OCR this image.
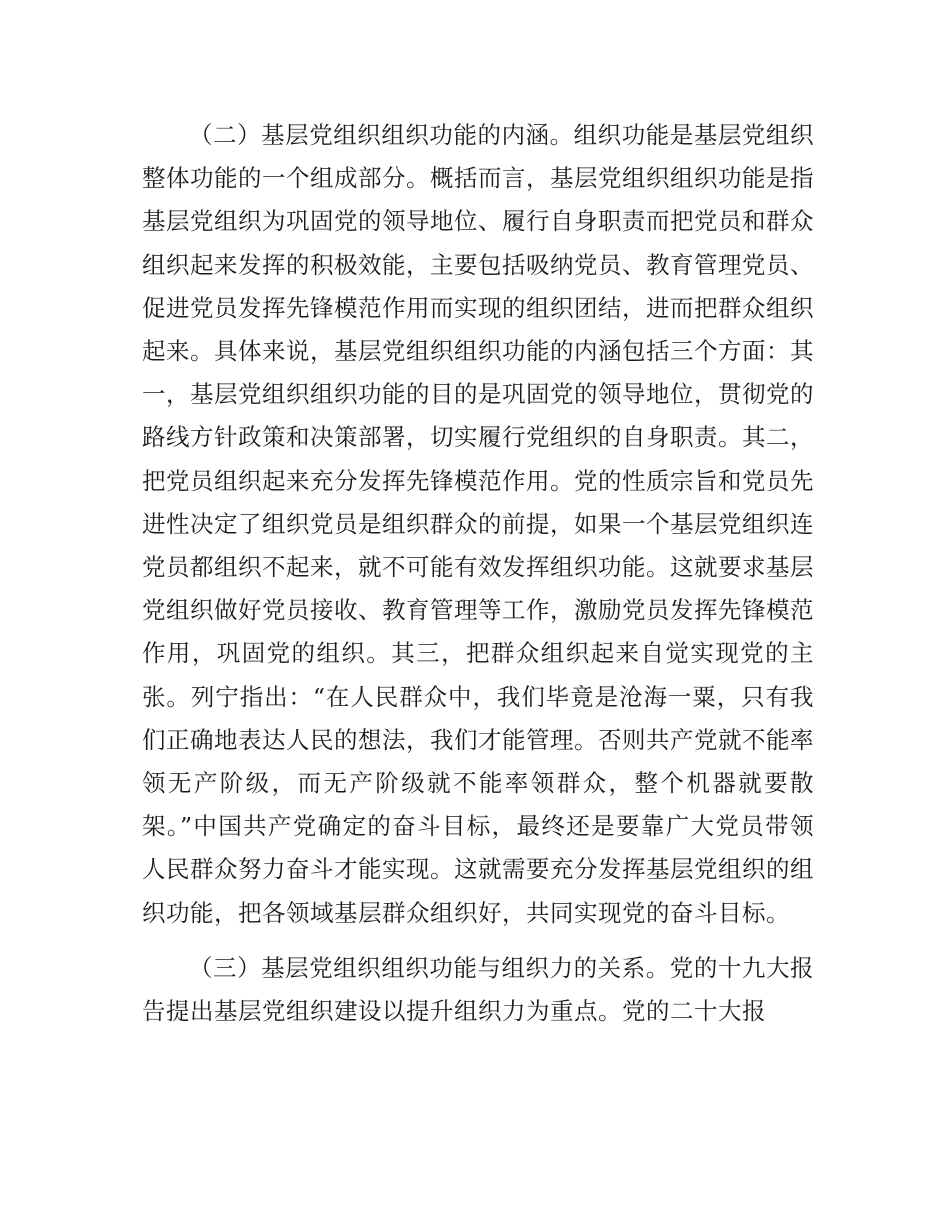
（二）基层党组织组织功能的内涵。组织功能是基层党组织整体功能的一个组成部分。概括而言，基层党组织组织功能是指基层党组织为巩固党的领导地位、履行自身职责而把党员和群众组织起来发挥的积极效能，主要包括吸纳党员、教育管理党员、促进党员发挥先锋模范作用而实现的组织团结，进而把群众组织起来。具体来说，基层党组织组织功能的内涵包括三个方面：其一，基层党组织组织功能的目的是巩固党的领导地位，贯彻党的路线方针政策和决策部署，切实履行党组织的自身职责。其二，把党员组织起来充分发挥先锋模范作用。党的性质宗旨和党员先进性决定了组织党员是组织群众的前提，如果一个基层党组织连党员都组织不起来，就不可能有效发挥组织功能。这就要求基层党组织做好党员接收、教育管理等工作，激励党员发挥先锋模范作用，巩固党的组织。其三，把群众组织起来自觉实现党的主张。列宁指出：“在人民群众中，我们毕竟是沧海一粟，只有我们正确地表达人民的想法，我们才能管理。否则共产党就不能率领无产阶级，而无产阶级就不能率领群众，整个机器就要散架。”中国共产党确定的奋斗目标，最终还是要靠广大党员带领人民群众努力奋斗才能实现。这就需要充分发挥基层党组织的组织功能，把各领域基层群众组织好，共同实现党的奋斗目标。

（三）基层党组织组织功能与组织力的关系。党的十九大报告提出基层党组织建设以提升组织力为重点。党的二十大报
